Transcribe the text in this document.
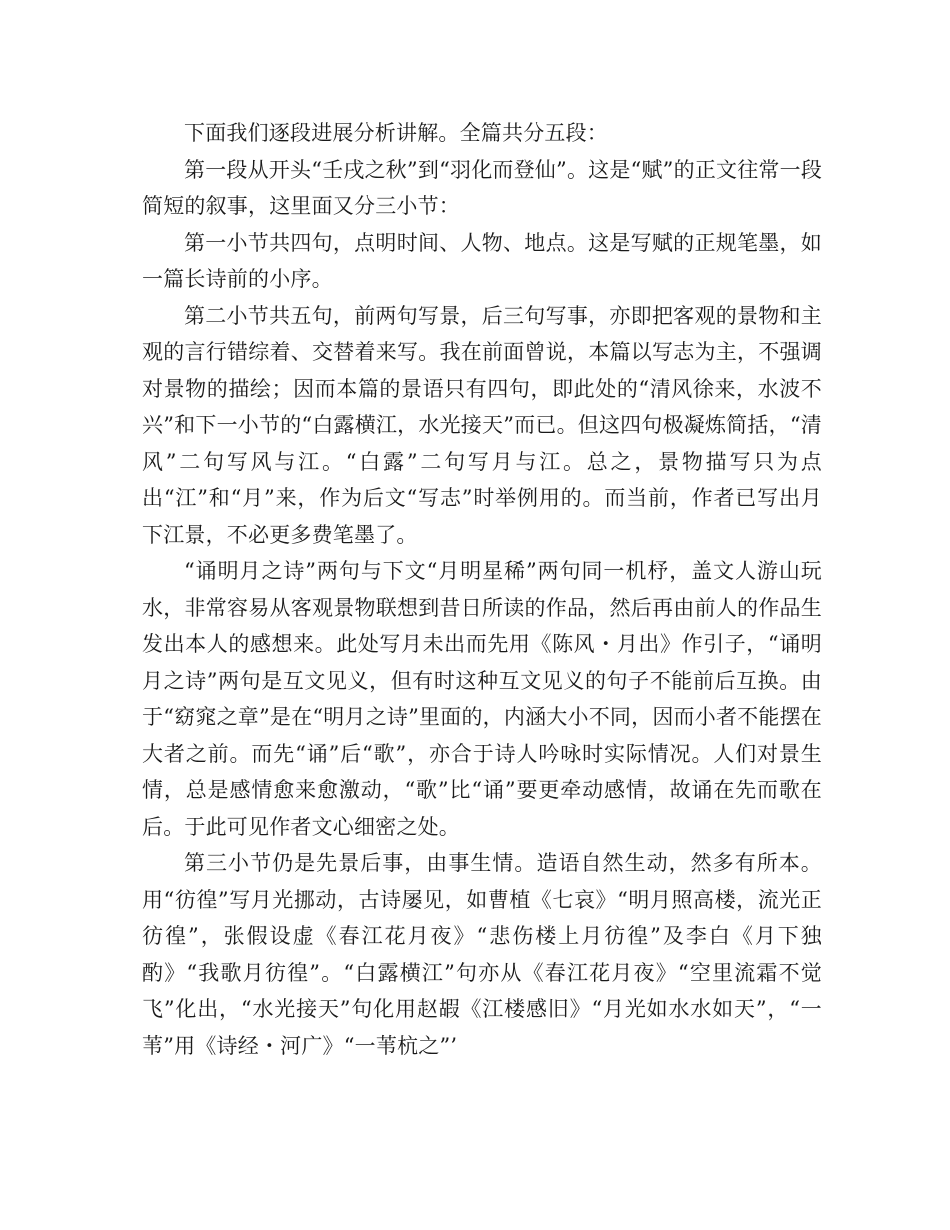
下面我们逐段进展分析讲解。全篇共分五段：

第一段从开头“壬戌之秋”到“羽化而登仙”。这是“赋”的正文往常一段简短的叙事，这里面又分三小节：

第一小节共四句，点明时间、人物、地点。这是写赋的正规笔墨，如一篇长诗前的小序。

第二小节共五句，前两句写景，后三句写事，亦即把客观的景物和主观的言行错综着、交替着来写。我在前面曾说，本篇以写志为主，不强调对景物的描绘；因而本篇的景语只有四句，即此处的“清风徐来，水波不兴”和下一小节的“白露横江，水光接天”而已。但这四句极凝炼简括，“清风”二句写风与江。“白露”二句写月与江。总之，景物描写只为点出“江”和“月”来，作为后文“写志”时举例用的。而当前，作者已写出月下江景，不必更多费笔墨了。

“诵明月之诗”两句与下文“月明星稀”两句同一机杼，盖文人游山玩水，非常容易从客观景物联想到昔日所读的作品，然后再由前人的作品生发出本人的感想来。此处写月未出而先用《陈风・月出》作引子，“诵明月之诗”两句是互文见义，但有时这种互文见义的句子不能前后互换。由于“窈窕之章”是在“明月之诗”里面的，内涵大小不同，因而小者不能摆在大者之前。而先“诵”后“歌”，亦合于诗人吟咏时实际情况。人们对景生情，总是感情愈来愈激动，“歌”比“诵”要更牵动感情，故诵在先而歌在后。于此可见作者文心细密之处。

第三小节仍是先景后事，由事生情。造语自然生动，然多有所本。用“彷徨”写月光挪动，古诗屡见，如曹植《七哀》“明月照高楼，流光正彷徨”，张假设虚《春江花月夜》“悲伤楼上月彷徨”及李白《月下独酌》“我歌月彷徨”。“白露横江”句亦从《春江花月夜》“空里流霜不觉飞”化出，“水光接天”句化用赵嘏《江楼感旧》“月光如水水如天”，“一苇”用《诗经・河广》“一苇杭之”’
